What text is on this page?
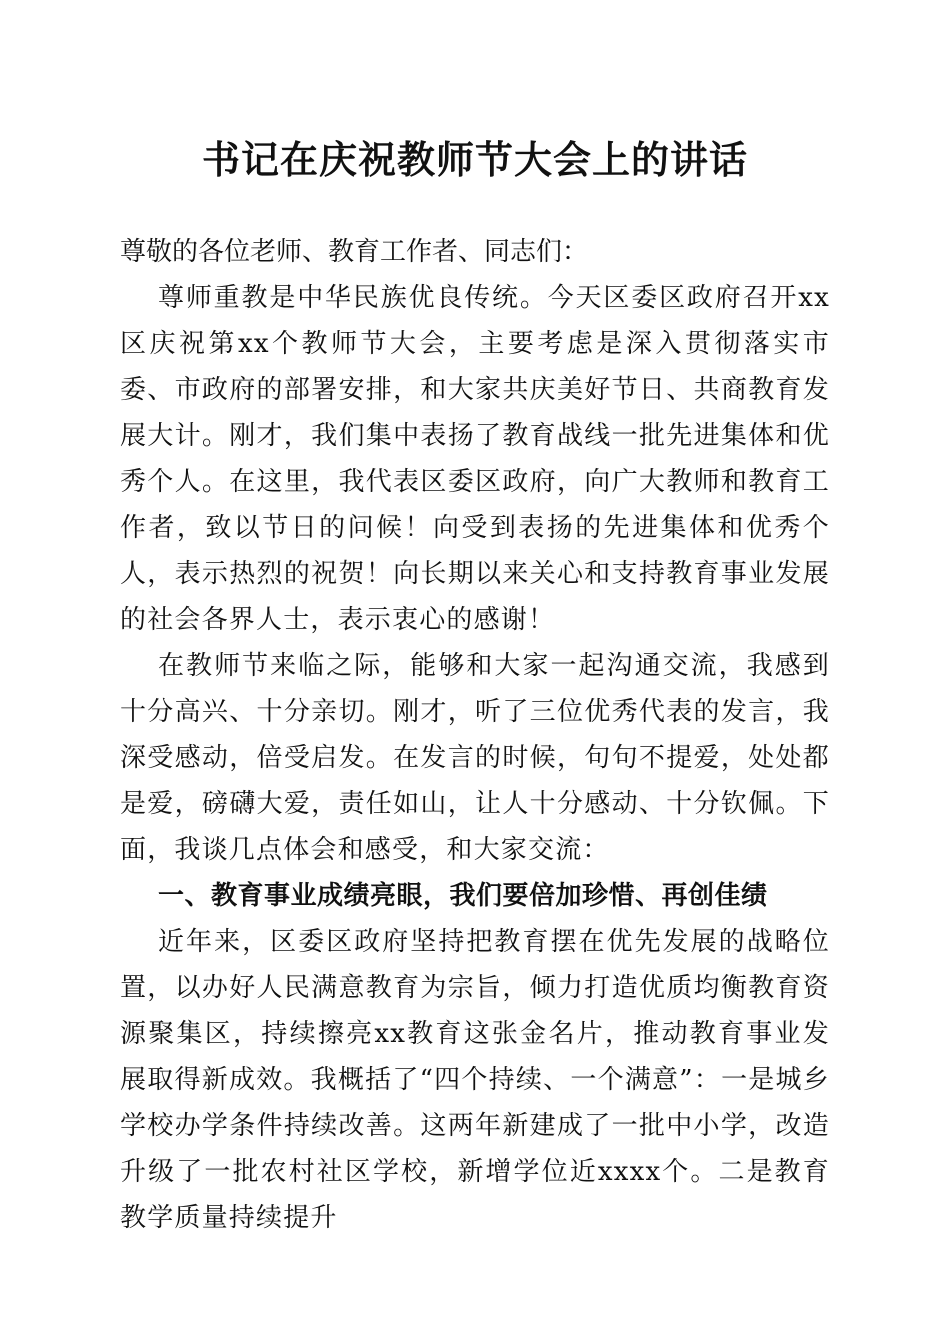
书记在庆祝教师节大会上的讲话

尊敬的各位老师、教育工作者、同志们：

尊师重教是中华民族优良传统。今天区委区政府召开xx区庆祝第xx个教师节大会，主要考虑是深入贯彻落实市委、市政府的部署安排，和大家共庆美好节日、共商教育发展大计。刚才，我们集中表扬了教育战线一批先进集体和优秀个人。在这里，我代表区委区政府，向广大教师和教育工作者，致以节日的问候！向受到表扬的先进集体和优秀个人，表示热烈的祝贺！向长期以来关心和支持教育事业发展的社会各界人士，表示衷心的感谢！

在教师节来临之际，能够和大家一起沟通交流，我感到十分高兴、十分亲切。刚才，听了三位优秀代表的发言，我深受感动，倍受启发。在发言的时候，句句不提爱，处处都是爱，磅礴大爱，责任如山，让人十分感动、十分钦佩。下面，我谈几点体会和感受，和大家交流：

一、教育事业成绩亮眼，我们要倍加珍惜、再创佳绩

近年来，区委区政府坚持把教育摆在优先发展的战略位置，以办好人民满意教育为宗旨，倾力打造优质均衡教育资源聚集区，持续擦亮xx教育这张金名片，推动教育事业发展取得新成效。我概括了“四个持续、一个满意”：一是城乡学校办学条件持续改善。这两年新建成了一批中小学，改造升级了一批农村社区学校，新增学位近xxxx个。二是教育教学质量持续提升
